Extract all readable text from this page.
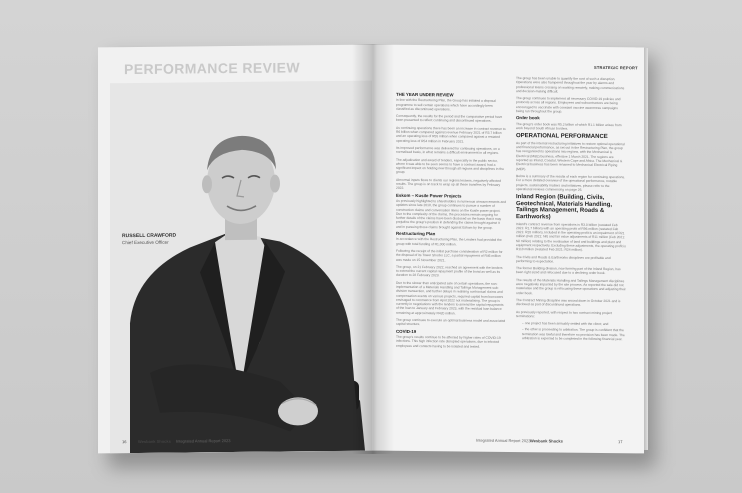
PERFORMANCE REVIEW
RUSSELL CRAWFORD
Chief Executive Officer
16	Wesbank Shocks Integrated Annual Report 2023
STRATEGIC REPORT
THE YEAR UNDER REVIEW
In line with the Restructuring Plan, the Group has initiated a disposal programme to sell certain operations which have accordingly been classified as discontinued operations.
Consequently, the results for the period and the comparative period have been presented to reflect continuing and discontinued operations.
As continuing operations there has been an increase in contract revenue to R6 billion when compared against revenue February 2021 of R3.7 billion and an operating loss of R55 million when compared against a restated operating loss of R54 million in February 2021.
Its improved performance was delivered for continuing operations, on a normalised basis, in what remains a difficult environment in all regions.
The adjudication and award of tenders, especially in the public sector, where it was able to be seen seems to have a contract award, had a significant impact on holding new through all regions and disciplines in the group.
Abnormal inputs flows to clients our regions lessens, negatively affected results. The group is on track to wrap up all these transfers by February 2022.
Eskom – Kusile Power Projects
As previously highlighted to shareholders in numerous announcements and updates since late 2018, the group continues to pursue a number of construction claims and conversation items on the Kusile power project. Due to the complexity of the claims, the processes remain ongoing for further details of the claims have been disclosed on the basis that it may prejudice the group's position in defending the claims brought against it and in pursuing those claims brought against Eskom by the group.
Restructuring Plan
In accordance with the Restructuring Plan, the Lenders had provided the group with total funding of R1,000 million.
Following the receipt of the initial purchase consideration of R2 million for the disposal of its Tower Shocks LLC, a partial repayment of R46 million was made on 15 November 2021.
The group, on 21 February 2022, reached an agreement with the lenders to extend the current capital repayment profile of the bond as well as its duration to 28 February 2023.
Due to the slower than anticipated sale of certain operations, the non-implementation of a Materials Handling and Tailings Management sub-division transaction, and further delays in realising contractual claims and compensation events on various projects, required capital from borrowers envisaged to commence from April 2022 not materialising. The group is currently in negotiations with the lenders to amend the capital repayments of the loan to January and February 2023, with the residual loan balance remaining at approximately R420 million.
The group continues to execute an optimal business model and associated capital structure.
COVID-19
The group's results continue to be affected by higher rates of COVID-19 infections. This high infection rate disrupted operations, due to infected employees and contacts having to be isolated and tested.
The group has been unable to quantify the cost of such a disruption. Operations were also hampered throughout the year by alarms and professional teams crossing on working remotely, making communications and decision-making difficult.
The group continues to implement all necessary COVID-19 policies and protocols across all regions. Employees and subcontractors are being encouraged to vaccinate with constant vaccine awareness campaigns being run throughout the group.
Order book
The group's order book was R5.2 billion of which R1.1 billion arises from work beyond South African borders.
OPERATIONAL PERFORMANCE
As part of the internal restructuring initiatives to restore optimal operational and financial performance, as set out in the Restructuring Plan, the group has reorganised its operations into regions, with the Mechanical & Electrical (M&E) business, effective 1 March 2021. The regions are reported as Inland, Coastal, Western Cape and Africa. The Mechanical & Electrical business has been renamed to Mechanical Electrical Piping (MEP).
Below is a summary of the results of each region for continuing operations. For a more detailed overview of the operational performance, notable projects, sustainability matters and initiatives, please refer to the operational reviews commencing on page 26.
Inland Region (Building, Civils, Geotechnical, Materials Handling, Tailings Management, Roads & Earthworks)
Inland's contract revenue from operations is R3.0 billion (restated Feb 2021: R1.7 billion) with an operating profit of R96 million (restated Feb 2021: R28 million). Included in the operating profit is an impairment of R21 million (Feb 2021: Nil) and fair value adjustments of R11 million (Feb 2021: Nil million) relating to the revaluation of land and buildings and plant and equipment respectively. Excluding these adjustments, the operating profit is R118 million (restated Feb 2021: R24 million).
The Civils and Roads & Earthworks disciplines are profitable and performing to expectation.
The former Building division, now forming part of the Inland Region, has been right sized and refocused due to a declining order book.
The results of the Materials Handling and Tailings Management disciplines were negatively impacted by the site process. As reported the sale did not materialise and the group is refocusing these operations and adjusting their order book.
The Contract Mining discipline was wound down in October 2021 and is disclosed as part of discontinued operations.
As previously reported, with respect to two contract mining project terminations:
– one project has been amicably settled with the client; and
– the other is proceeding to arbitration. The group is confident that the termination was lawful and therefore no provision has been made. The arbitration is expected to be completed in the following financial year.
Integrated Annual Report 2023 Wesbank Shocks	17
